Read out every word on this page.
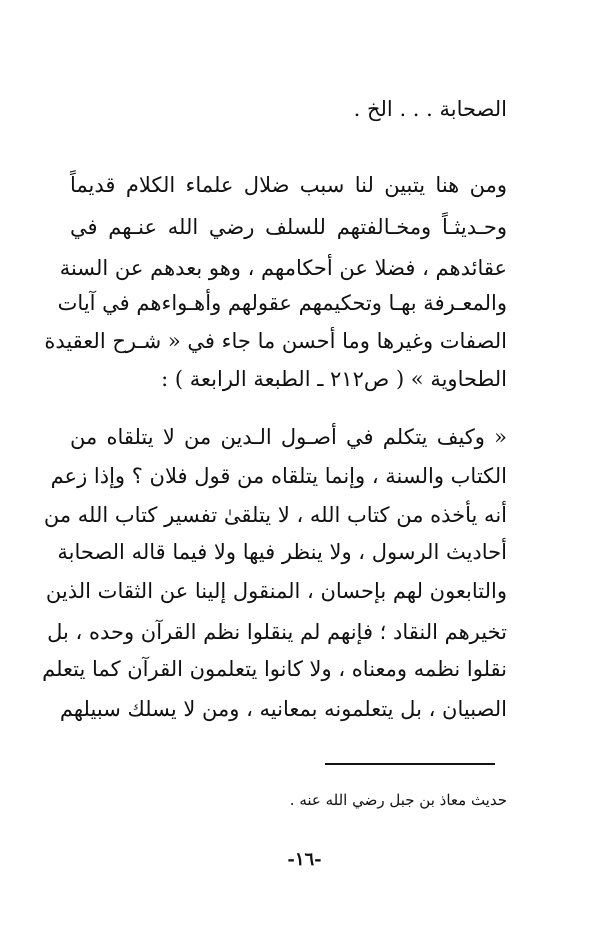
الصحابة . . . الخ .
ومن هنا يتبين لنا سبب ضلال علماء الكلام قديماً
وحـديثـاً ومخـالفتهم للسلف رضي الله عنـهم في
عقائدهم ، فضلا عن أحكامهم ، وهو بعدهم عن السنة
والمعـرفة بهـا وتحكيمهم عقولهم وأهـواءهم في آيات
الصفات وغيرها وما أحسن ما جاء في « شـرح العقيدة
الطحاوية » ( ص٢١٢ ـ الطبعة الرابعة ) :
« وكيف يتكلم في أصـول الـدين من لا يتلقاه من
الكتاب والسنة ، وإنما يتلقاه من قول فلان ؟ وإذا زعم
أنه يأخذه من كتاب الله ، لا يتلقىٰ تفسير كتاب الله من
أحاديث الرسول ، ولا ينظر فيها ولا فيما قاله الصحابة
والتابعون لهم بإحسان ، المنقول إلينا عن الثقات الذين
تخيرهم النقاد ؛ فإنهم لم ينقلوا نظم القرآن وحده ، بل
نقلوا نظمه ومعناه ، ولا كانوا يتعلمون القرآن كما يتعلم
الصبيان ، بل يتعلمونه بمعانيه ، ومن لا يسلك سبيلهم
حديث معاذ بن جبل رضي الله عنه .
-١٦-
